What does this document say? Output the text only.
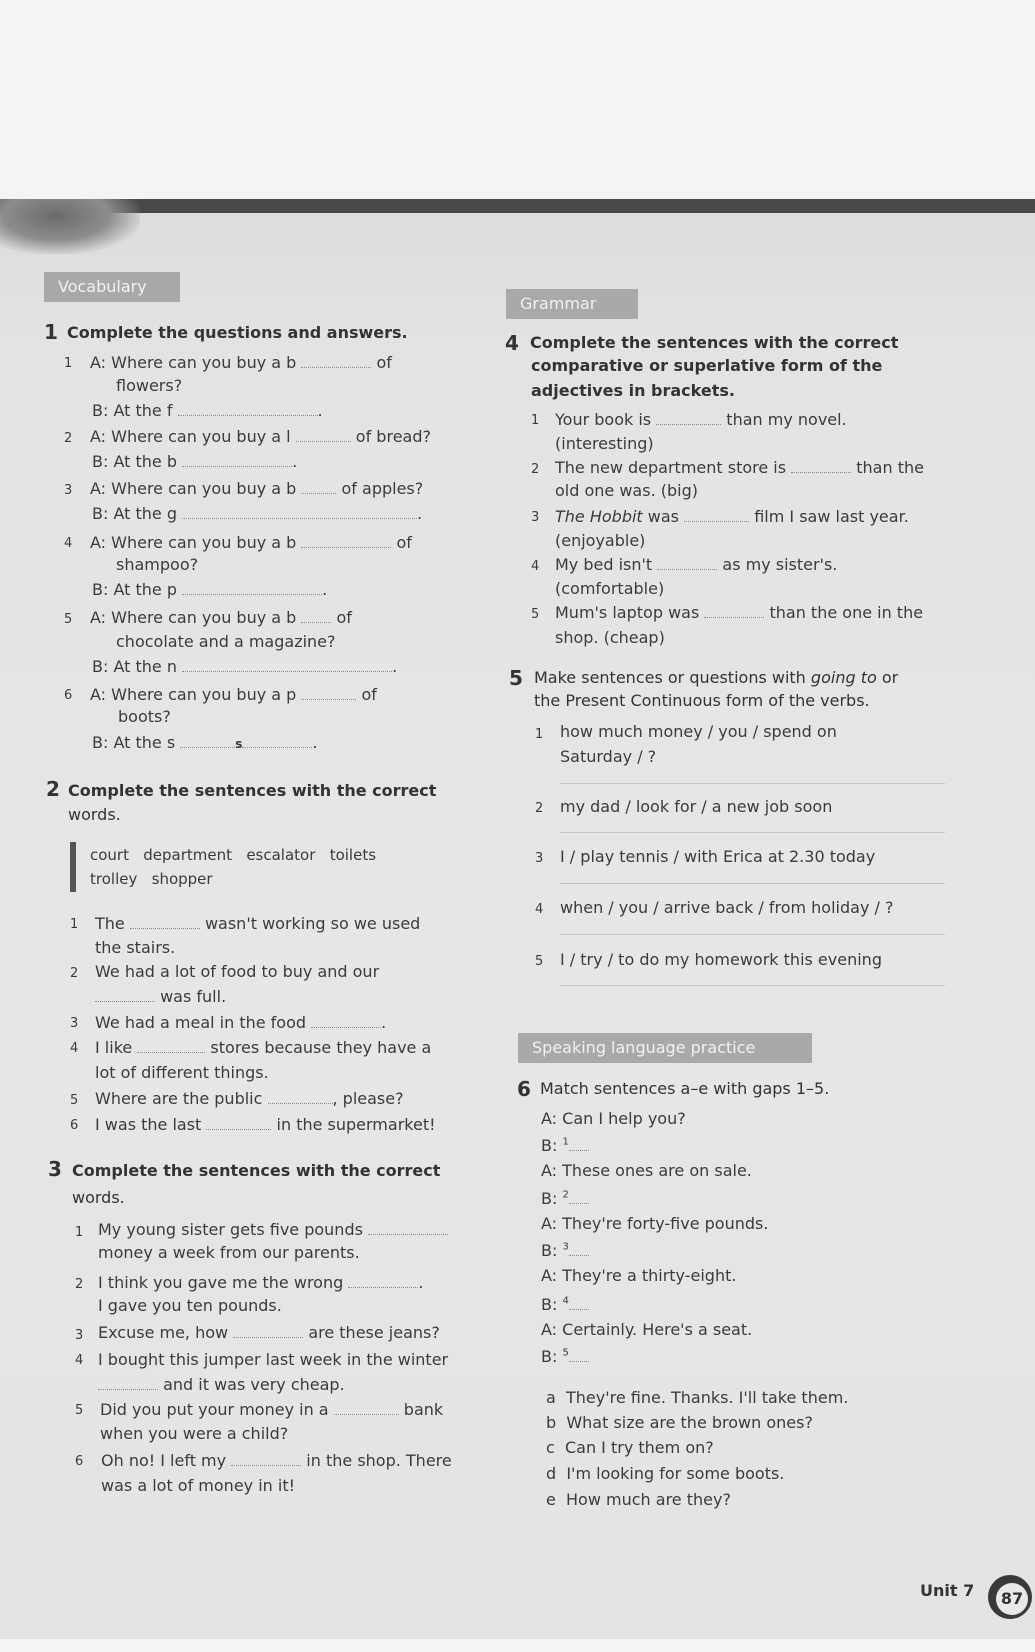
Vocabulary
Grammar
Speaking language practice
1 Complete the questions and answers.
1 A: Where can you buy a b	of
flowers?
B: At the f	.
2 A: Where can you buy a l	of bread?
B: At the b	.
3 A: Where can you buy a b	of apples?
B: At the g	.
4 A: Where can you buy a b	of
shampoo?
B: At the p	.
5 A: Where can you buy a b	of
chocolate and a magazine?
B: At the n	.
6 A: Where can you buy a p	of
boots?
B: At the s	s	.
2 Complete the sentences with the correct
words.
court   department   escalator   toilets
trolley   shopper
1 The	wasn't working so we used
the stairs.
2 We had a lot of food to buy and our
was full.
3 We had a meal in the food	.
4 I like	stores because they have a
lot of different things.
5 Where are the public	, please?
6 I was the last	in the supermarket!
3 Complete the sentences with the correct
words.
1 My young sister gets five pounds
money a week from our parents.
2 I think you gave me the wrong	.
I gave you ten pounds.
3 Excuse me, how	are these jeans?
4 I bought this jumper last week in the winter
and it was very cheap.
5 Did you put your money in a	bank
when you were a child?
6 Oh no! I left my	in the shop. There
was a lot of money in it!
4 Complete the sentences with the correct
comparative or superlative form of the
adjectives in brackets.
1 Your book is	than my novel.
(interesting)
2 The new department store is	than the
old one was. (big)
3 The Hobbit was	film I saw last year.
(enjoyable)
4 My bed isn't	as my sister's.
(comfortable)
5 Mum's laptop was	than the one in the
shop. (cheap)
5 Make sentences or questions with going to or
the Present Continuous form of the verbs.
1 how much money / you / spend on
Saturday / ?
2 my dad / look for / a new job soon
3 I / play tennis / with Erica at 2.30 today
4 when / you / arrive back / from holiday / ?
5 I / try / to do my homework this evening
6 Match sentences a–e with gaps 1–5.
A: Can I help you?
B: $^1$
A: These ones are on sale.
B: $^2$
A: They're forty-five pounds.
B: $^3$
A: They're a thirty-eight.
B: $^4$
A: Certainly. Here's a seat.
B: $^5$
a They're fine. Thanks. I'll take them.
b What size are the brown ones?
c Can I try them on?
d I'm looking for some boots.
e How much are they?
Unit 7	87
